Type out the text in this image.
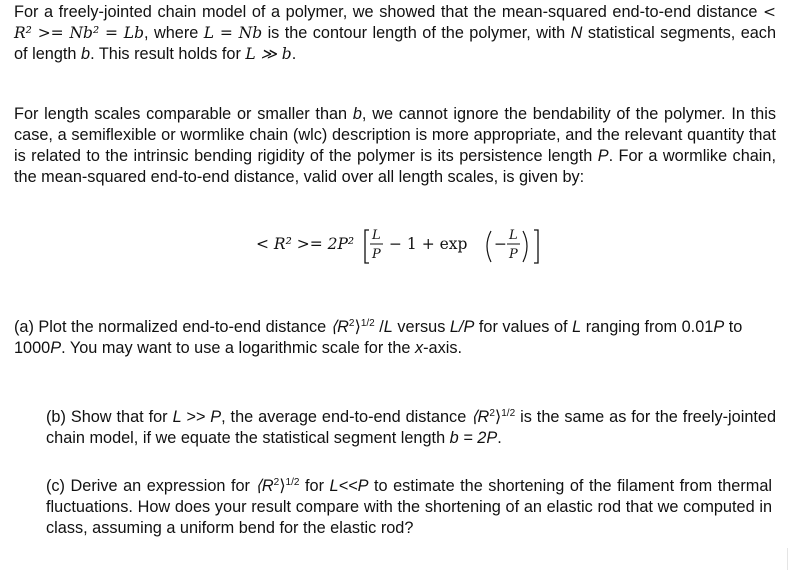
For a freely-jointed chain model of a polymer, we showed that the mean-squared end-to-end distance < R² >= Nb² = Lb, where L = Nb is the contour length of the polymer, with N statistical segments, each of length b. This result holds for L ≫ b.

For length scales comparable or smaller than b, we cannot ignore the bendability of the polymer. In this case, a semiflexible or wormlike chain (wlc) description is more appropriate, and the relevant quantity that is related to the intrinsic bending rigidity of the polymer is its persistence length P. For a wormlike chain, the mean-squared end-to-end distance, valid over all length scales, is given by:

< R² >= 2P² L
P
− 1 + exp − L
P

(a) Plot the normalized end-to-end distance $⟨R^2⟩^{1/2}$ /L versus L/P for values of L ranging from 0.01P to 1000P. You may want to use a logarithmic scale for the x-axis.

(b) Show that for L >> P, the average end-to-end distance $⟨R^2⟩^{1/2}$ is the same as for the freely-jointed chain model, if we equate the statistical segment length b = 2P.

(c) Derive an expression for $⟨R^2⟩^{1/2}$ for L<<P to estimate the shortening of the filament from thermal fluctuations. How does your result compare with the shortening of an elastic rod that we computed in class, assuming a uniform bend for the elastic rod?
